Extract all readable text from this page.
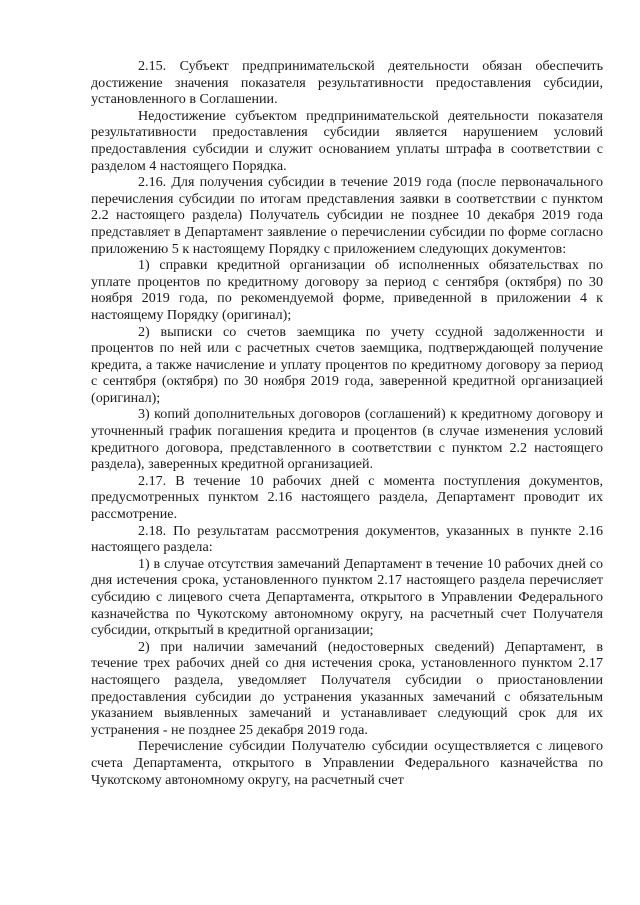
2.15. Субъект предпринимательской деятельности обязан обеспечить достижение значения показателя результативности предоставления субсидии, установленного в Соглашении.

Недостижение субъектом предпринимательской деятельности показателя результативности предоставления субсидии является нарушением условий предоставления субсидии и служит основанием уплаты штрафа в соответствии с разделом 4 настоящего Порядка.

2.16. Для получения субсидии в течение 2019 года (после первоначального перечисления субсидии по итогам представления заявки в соответствии с пунктом 2.2 настоящего раздела) Получатель субсидии не позднее 10 декабря 2019 года представляет в Департамент заявление о перечислении субсидии по форме согласно приложению 5 к настоящему Порядку с приложением следующих документов:

1) справки кредитной организации об исполненных обязательствах по уплате процентов по кредитному договору за период с сентября (октября) по 30 ноября 2019 года, по рекомендуемой форме, приведенной в приложении 4 к настоящему Порядку (оригинал);

2) выписки со счетов заемщика по учету ссудной задолженности и процентов по ней или с расчетных счетов заемщика, подтверждающей получение кредита, а также начисление и уплату процентов по кредитному договору за период с сентября (октября) по 30 ноября 2019 года, заверенной кредитной организацией (оригинал);

3) копий дополнительных договоров (соглашений) к кредитному договору и уточненный график погашения кредита и процентов (в случае изменения условий кредитного договора, представленного в соответствии с пунктом 2.2 настоящего раздела), заверенных кредитной организацией.

2.17. В течение 10 рабочих дней с момента поступления документов, предусмотренных пунктом 2.16 настоящего раздела, Департамент проводит их рассмотрение.

2.18. По результатам рассмотрения документов, указанных в пункте 2.16 настоящего раздела:

1) в случае отсутствия замечаний Департамент в течение 10 рабочих дней со дня истечения срока, установленного пунктом 2.17 настоящего раздела перечисляет субсидию с лицевого счета Департамента, открытого в Управлении Федерального казначейства по Чукотскому автономному округу, на расчетный счет Получателя субсидии, открытый в кредитной организации;

2) при наличии замечаний (недостоверных сведений) Департамент, в течение трех рабочих дней со дня истечения срока, установленного пунктом 2.17 настоящего раздела, уведомляет Получателя субсидии о приостановлении предоставления субсидии до устранения указанных замечаний с обязательным указанием выявленных замечаний и устанавливает следующий срок для их устранения - не позднее 25 декабря 2019 года.

Перечисление субсидии Получателю субсидии осуществляется с лицевого счета Департамента, открытого в Управлении Федерального казначейства по Чукотскому автономному округу, на расчетный счет
